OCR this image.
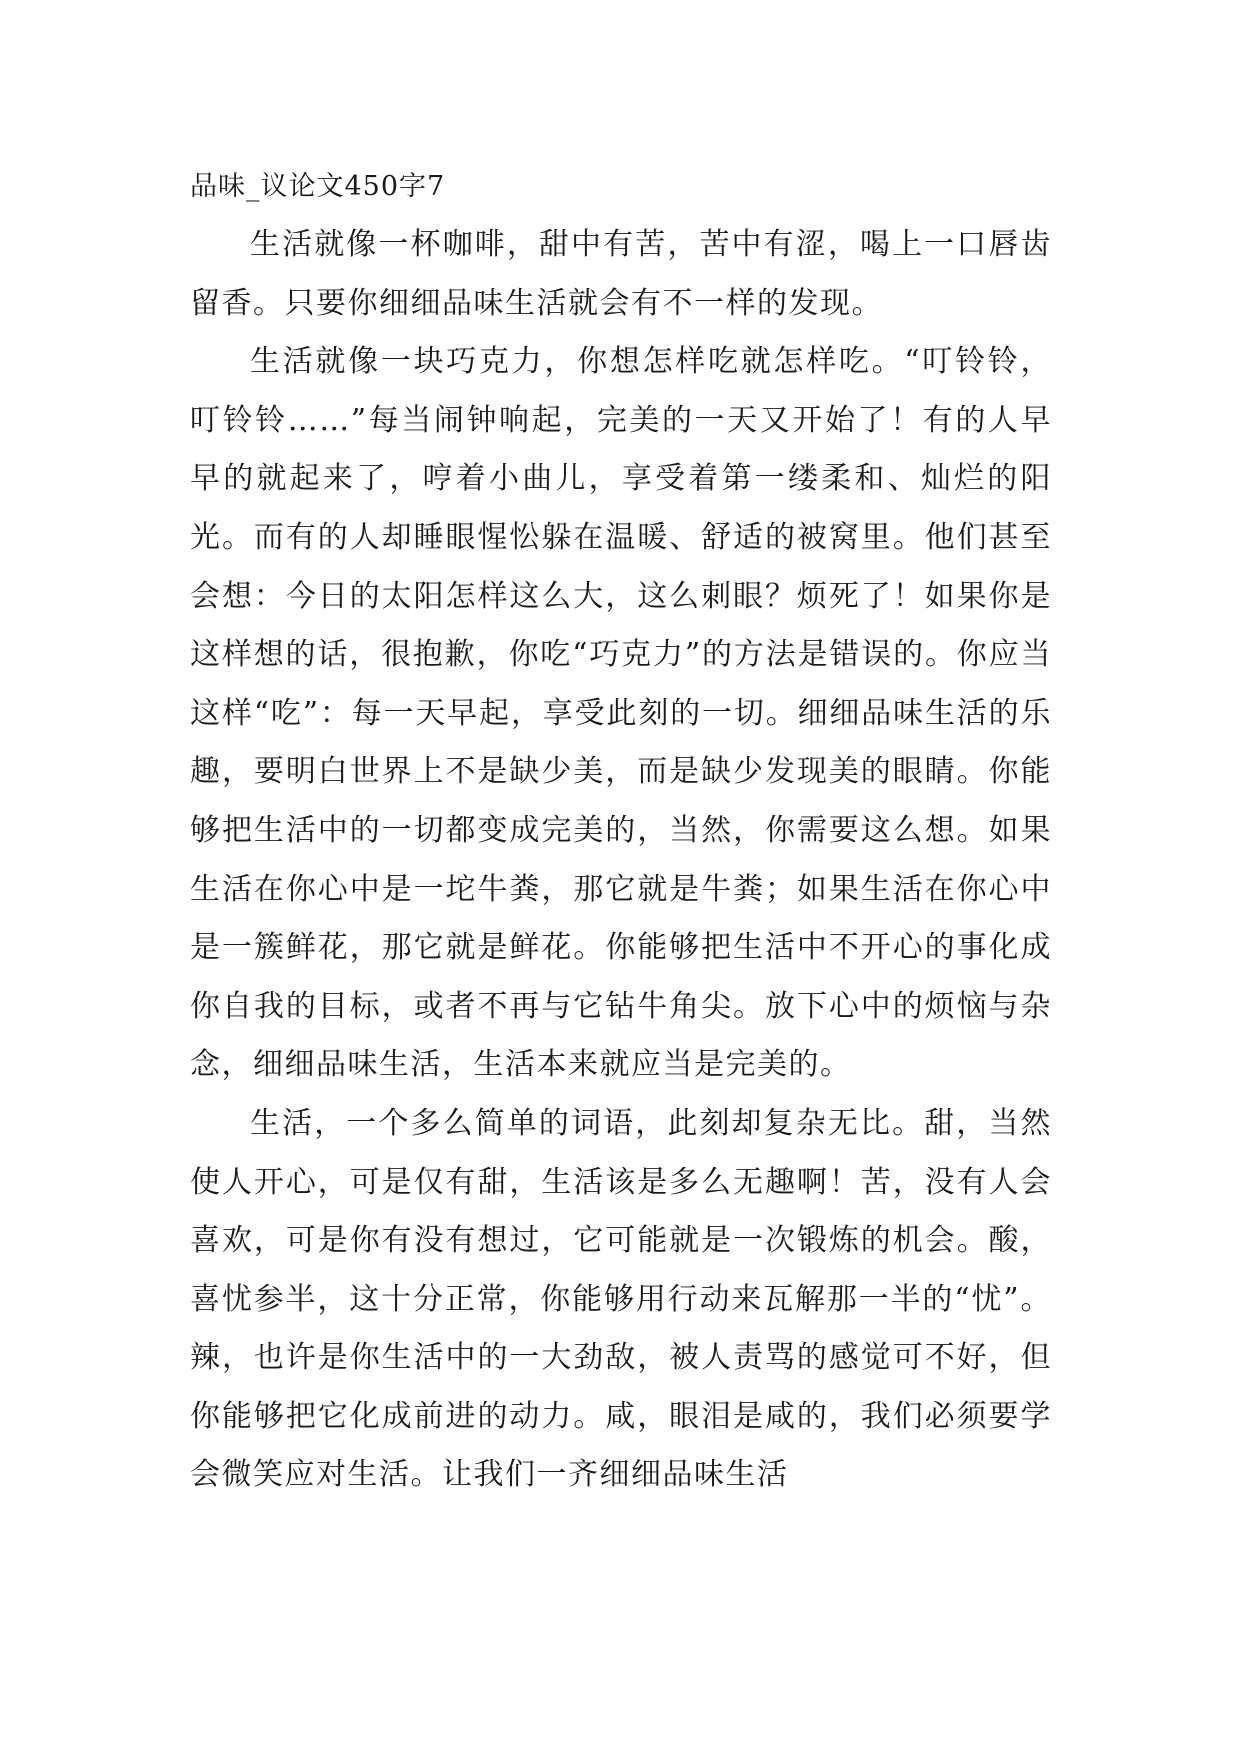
品味_议论文450字7

生活就像一杯咖啡，甜中有苦，苦中有涩，喝上一口唇齿留香。只要你细细品味生活就会有不一样的发现。

生活就像一块巧克力，你想怎样吃就怎样吃。“叮铃铃，叮铃铃……”每当闹钟响起，完美的一天又开始了！有的人早早的就起来了，哼着小曲儿，享受着第一缕柔和、灿烂的阳光。而有的人却睡眼惺忪躲在温暖、舒适的被窝里。他们甚至会想：今日的太阳怎样这么大，这么刺眼？烦死了！如果你是这样想的话，很抱歉，你吃“巧克力”的方法是错误的。你应当这样“吃”：每一天早起，享受此刻的一切。细细品味生活的乐趣，要明白世界上不是缺少美，而是缺少发现美的眼睛。你能够把生活中的一切都变成完美的，当然，你需要这么想。如果生活在你心中是一坨牛粪，那它就是牛粪；如果生活在你心中是一簇鲜花，那它就是鲜花。你能够把生活中不开心的事化成你自我的目标，或者不再与它钻牛角尖。放下心中的烦恼与杂念，细细品味生活，生活本来就应当是完美的。

生活，一个多么简单的词语，此刻却复杂无比。甜，当然使人开心，可是仅有甜，生活该是多么无趣啊！苦，没有人会喜欢，可是你有没有想过，它可能就是一次锻炼的机会。酸，喜忧参半，这十分正常，你能够用行动来瓦解那一半的“忧”。辣，也许是你生活中的一大劲敌，被人责骂的感觉可不好，但你能够把它化成前进的动力。咸，眼泪是咸的，我们必须要学会微笑应对生活。让我们一齐细细品味生活
